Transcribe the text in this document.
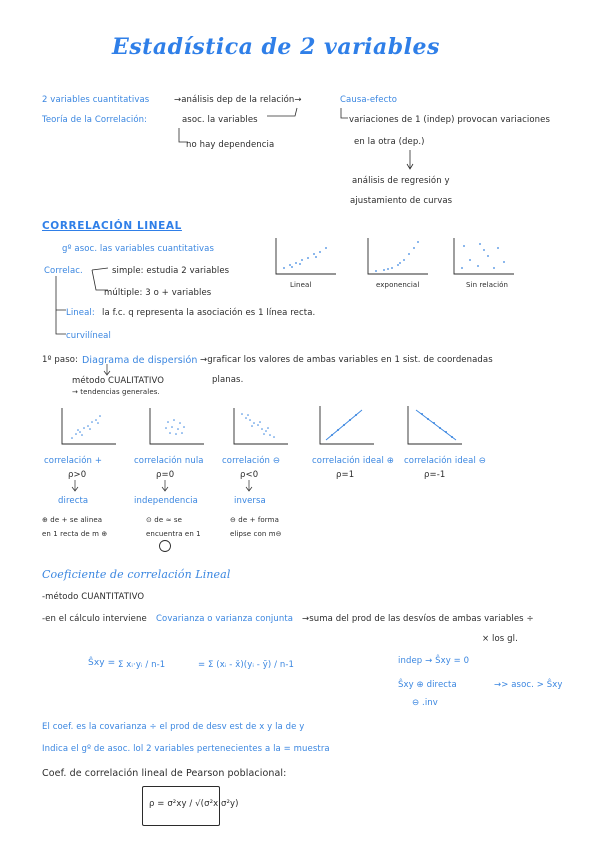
Estadística de 2 variables
2 variables cuantitativas	→análisis dep de la relación→	Causa-efecto
Teoría de la Correlación:	asoc. la variables
no hay dependencia
variaciones de 1 (indep) provocan variaciones
en la otra (dep.)
análisis de regresión y
ajustamiento de curvas
CORRELACIÓN LINEAL
gº asoc. las variables cuantitativas
Correlac.	simple: estudia 2 variables
múltiple: 3 o + variables
Lineal: la f.c. q representa la asociación es 1 línea recta.
curvilíneal
Lineal	exponencial	Sin relación
1º paso: Diagrama de dispersión →graficar los valores de ambas variables en 1 sist. de coordenadas
planas.
método CUALITATIVO
→ tendencias generales.
correlación +	correlación nula correlación ⊖	correlación ideal ⊕ correlación ideal ⊖
ρ>0	ρ=0	ρ<0	ρ=1	ρ=-1
directa	independencia	inversa
⊕ de + se alinea
en 1 recta de m ⊕
⊙ de ≈ se
encuentra en 1
⊖ de + forma
elipse con m⊖
Coeficiente de correlación Lineal
-método CUANTITATIVO
-en el cálculo interviene Covarianza o varianza conjunta →suma del prod de las desvíos de ambas variables ÷
× los gl.
Ŝxy = Σ xᵢ·yᵢ / n-1	= Σ (xᵢ - x̄)(yᵢ - ȳ) / n-1	indep → Ŝxy = 0
Ŝxy ⊕ directa	→> asoc. > Ŝxy
⊖ .inv
El coef. es la covarianza ÷ el prod de desv est de x y la de y
Indica el gº de asoc. lol 2 variables pertenecientes a la = muestra
Coef. de correlación lineal de Pearson poblacional:
ρ = σ²xy / √(σ²x·σ²y)
